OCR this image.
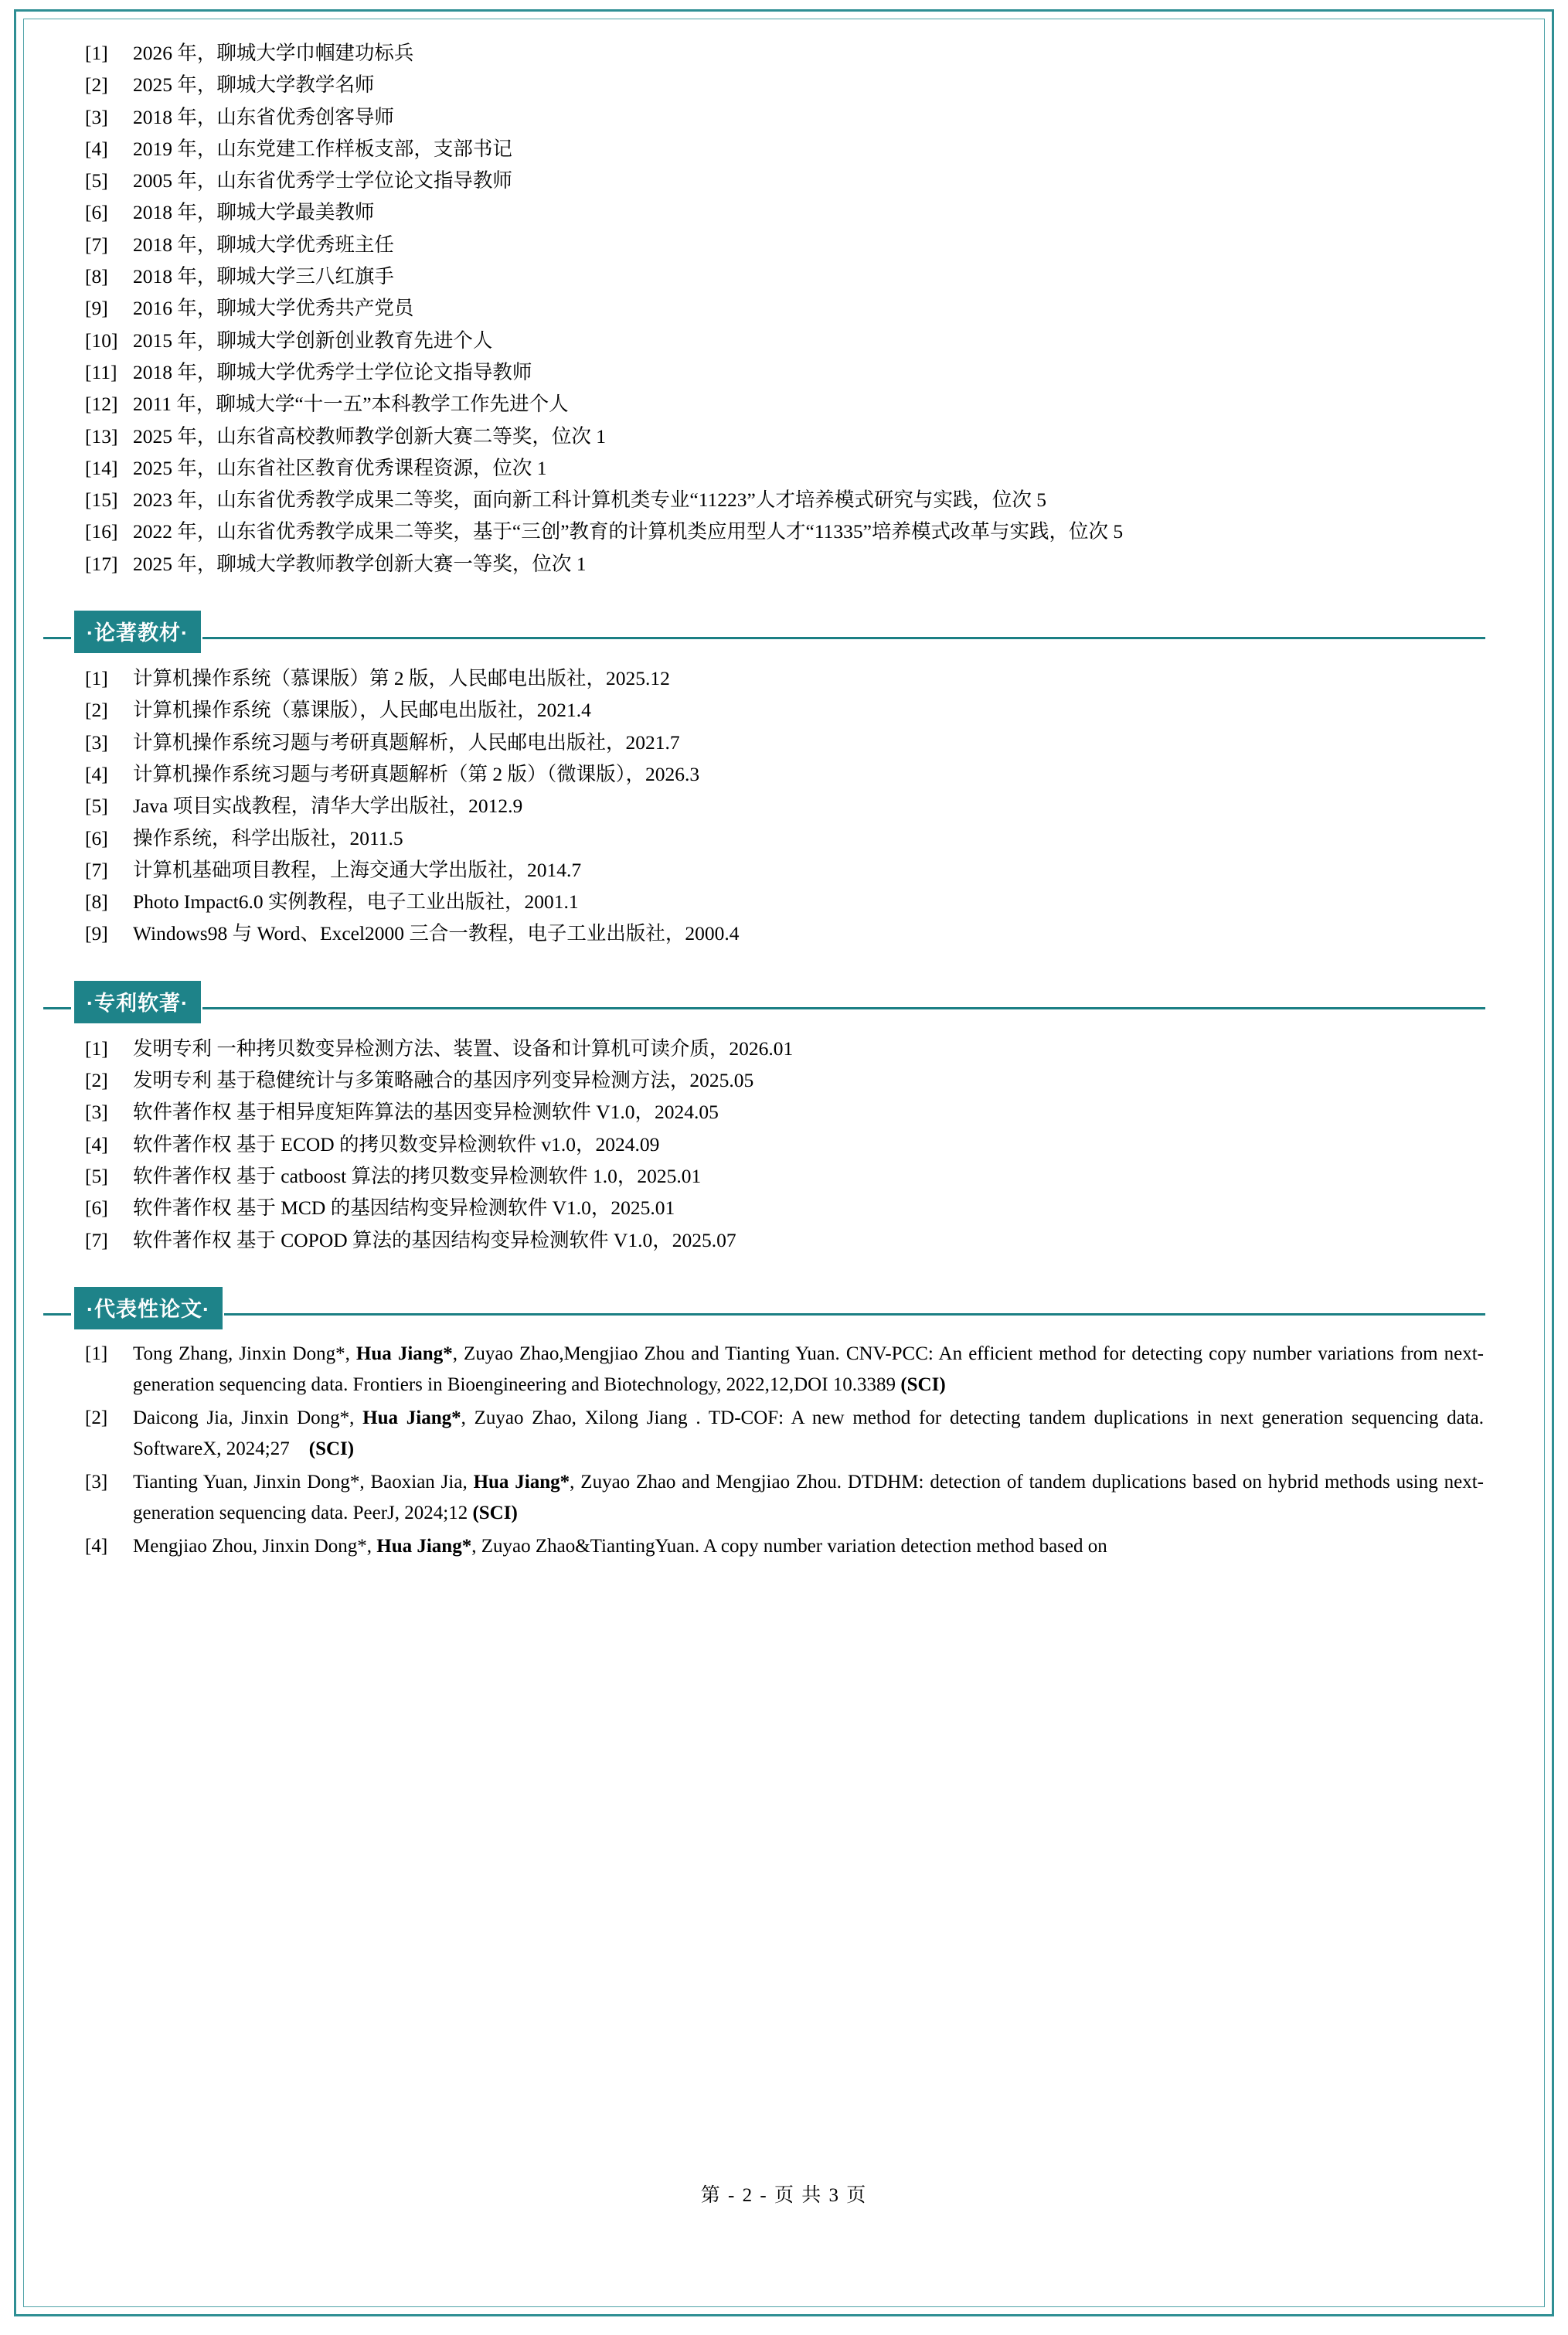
[1]	2026 年，聊城大学巾帼建功标兵
[2]	2025 年，聊城大学教学名师
[3]	2018 年，山东省优秀创客导师
[4]	2019 年，山东党建工作样板支部，支部书记
[5]	2005 年，山东省优秀学士学位论文指导教师
[6]	2018 年，聊城大学最美教师
[7]	2018 年，聊城大学优秀班主任
[8]	2018 年，聊城大学三八红旗手
[9]	2016 年，聊城大学优秀共产党员
[10] 2015 年，聊城大学创新创业教育先进个人
[11] 2018 年，聊城大学优秀学士学位论文指导教师
[12] 2011 年，聊城大学“十一五”本科教学工作先进个人
[13] 2025 年，山东省高校教师教学创新大赛二等奖，位次 1
[14] 2025 年，山东省社区教育优秀课程资源，位次 1
[15] 2023 年，山东省优秀教学成果二等奖，面向新工科计算机类专业“11223”人才培养模式研究与实践，位次 5
[16] 2022 年，山东省优秀教学成果二等奖，基于“三创”教育的计算机类应用型人才“11335”培养模式改革与实践，位次 5
[17] 2025 年，聊城大学教师教学创新大赛一等奖，位次 1
·论著教材·
[1]	计算机操作系统（慕课版）第 2 版，人民邮电出版社，2025.12
[2]	计算机操作系统（慕课版），人民邮电出版社，2021.4
[3]	计算机操作系统习题与考研真题解析，人民邮电出版社，2021.7
[4]	计算机操作系统习题与考研真题解析（第 2 版）（微课版），2026.3
[5]	Java 项目实战教程，清华大学出版社，2012.9
[6]	操作系统，科学出版社，2011.5
[7]	计算机基础项目教程，上海交通大学出版社，2014.7
[8]	Photo Impact6.0 实例教程，电子工业出版社，2001.1
[9]	Windows98 与 Word、Excel2000 三合一教程，电子工业出版社，2000.4
·专利软著·
[1]	发明专利 一种拷贝数变异检测方法、装置、设备和计算机可读介质，2026.01
[2]	发明专利 基于稳健统计与多策略融合的基因序列变异检测方法，2025.05
[3]	软件著作权 基于相异度矩阵算法的基因变异检测软件 V1.0，2024.05
[4]	软件著作权 基于 ECOD 的拷贝数变异检测软件 v1.0，2024.09
[5]	软件著作权 基于 catboost 算法的拷贝数变异检测软件 1.0，2025.01
[6]	软件著作权 基于 MCD 的基因结构变异检测软件 V1.0，2025.01
[7]	软件著作权 基于 COPOD 算法的基因结构变异检测软件 V1.0，2025.07
·代表性论文·
[1] Tong Zhang, Jinxin Dong*, Hua Jiang*, Zuyao Zhao,Mengjiao Zhou and Tianting Yuan. CNV-PCC: An efficient method for detecting copy number variations from next-generation sequencing data. Frontiers in Bioengineering and Biotechnology, 2022,12,DOI 10.3389 (SCI)
[2] Daicong Jia, Jinxin Dong*, Hua Jiang*, Zuyao Zhao, Xilong Jiang . TD-COF: A new method for detecting tandem duplications in next generation sequencing data. SoftwareX, 2024;27    (SCI)
[3] Tianting Yuan, Jinxin Dong*, Baoxian Jia, Hua Jiang*, Zuyao Zhao and Mengjiao Zhou. DTDHM: detection of tandem duplications based on hybrid methods using next-generation sequencing data. PeerJ, 2024;12 (SCI)
[4] Mengjiao Zhou, Jinxin Dong*, Hua Jiang*, Zuyao Zhao&TiantingYuan. A copy number variation detection method based on
第 - 2 - 页 共 3 页
